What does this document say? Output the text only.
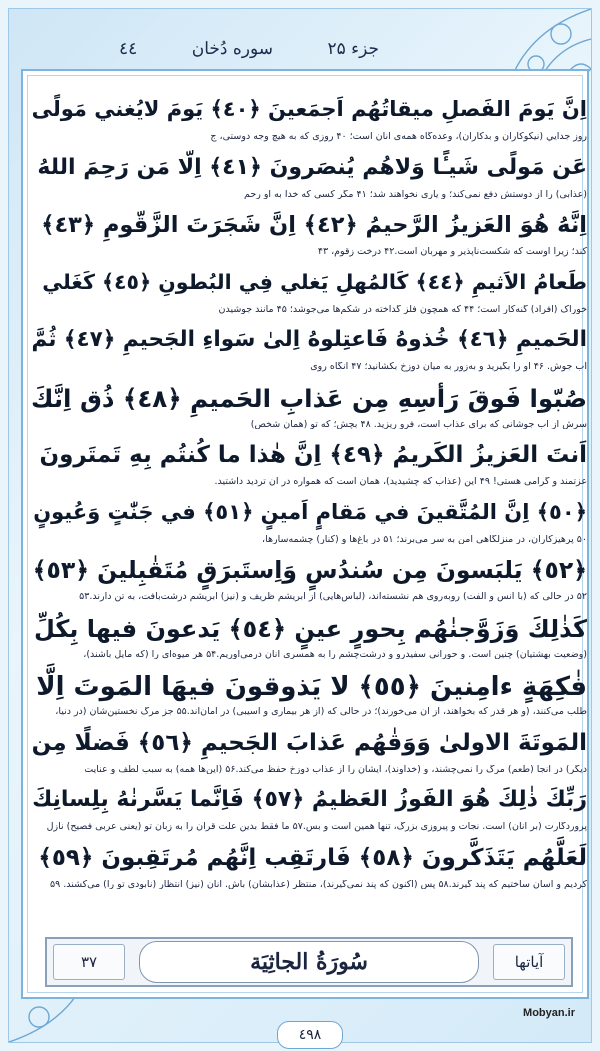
جزء ۲۵
سوره دُخان
٤٤
اِنَّ يَومَ الفَصلِ ميقاتُهُم اَجمَعينَ ﴿٤٠﴾ يَومَ لايُغني مَولًى
روز جدايي (نيكوكاران و بدكاران)، وعده‌گاه همه‌ی آنان است؛ ۴۰ روزی كه به هيچ وجه دوستی، ج
عَن مَولًى شَيـًٔا وَلاهُم يُنصَرونَ ﴿٤١﴾ اِلّا مَن رَحِمَ اللهُ
(عذابی) را از دوستش دفع نمی‌كند؛ و ياری نخواهند شد؛ ۴۱ مگر كسی كه خدا به او رحم
اِنَّهُ هُوَ العَزيزُ الرَّحيمُ ﴿٤٢﴾ اِنَّ شَجَرَتَ الزَّقّومِ ﴿٤٣﴾
كند؛ زيرا اوست كه شكست‌ناپذير و مهربان است.۴۲ درخت زقوم، ۴۳
طَعامُ الاَثيمِ ﴿٤٤﴾ كَالمُهلِ يَغلي فِي البُطونِ ﴿٤٥﴾ كَغَلي
خوراک (افراد) گنه‌كار است؛ ۴۴ كه همچون فلز گداخته در شكم‌ها می‌جوشد؛ ۴۵ مانند جوشيدن
الحَميمِ ﴿٤٦﴾ خُذوهُ فَاعتِلوهُ اِلىٰ سَواءِ الجَحيمِ ﴿٤٧﴾ ثُمَّ
آب جوش. ۴۶ او را بگيريد و به‌زور به ميان دوزخ بكشانيد؛ ۴۷ آنگاه روی
صُبّوا فَوقَ رَأسِهِ مِن عَذابِ الحَميمِ ﴿٤٨﴾ ذُق اِنَّكَ
سرش از آب جوشانی كه برای عذاب است، فرو ريزيد. ۴۸ بچش؛ كه تو (همان شخص)
اَنتَ العَزيزُ الكَريمُ ﴿٤٩﴾ اِنَّ هٰذا ما كُنتُم بِهِ تَمتَرونَ
عزتمند و گرامی هستی! ۴۹ اين (عذاب كه چشيديد)، همان است كه همواره در آن ترديد داشتيد.
﴿٥٠﴾ اِنَّ المُتَّقينَ في مَقامٍ اَمينٍ ﴿٥١﴾ في جَنّٰتٍ وَعُيونٍ
۵۰ پرهيزكاران، در منزلگاهی امن به سر می‌برند؛ ۵۱ در باغ‌ها و (كنار) چشمه‌سارها،
﴿٥٢﴾ يَلبَسونَ مِن سُندُسٍ وَاِستَبرَقٍ مُتَقٰبِلينَ ﴿٥٣﴾
۵۲ در حالی كه (با انس و الفت) روبه‌روی هم نشسته‌اند، (لباس‌هايی) از ابريشم ظريف و (نيز) ابريشم درشت‌بافت، به تن دارند.۵۳
كَذٰلِكَ وَزَوَّجنٰهُم بِحورٍ عينٍ ﴿٥٤﴾ يَدعونَ فيها بِكُلِّ
(وضعيت بهشتيان) چنين است. و حورانی سفيدرو و درشت‌چشم را به همسری آنان درمی‌آوريم.۵۴ هر ميوه‌ای را (كه مايل باشند)،
فٰكِهَةٍ ءامِنينَ ﴿٥٥﴾ لا يَذوقونَ فيهَا المَوتَ اِلَّا
طلب می‌كنند، (و هر قدر كه بخواهند، از آن می‌خورند)؛ در حالی كه (از هر بيماری و آسيبی) در امان‌اند.۵۵ جز مرگ نخستين‌شان (در دنيا،
المَوتَةَ الاولىٰ وَوَقٰهُم عَذابَ الجَحيمِ ﴿٥٦﴾ فَضلًا مِن
ديگر) در آنجا (طعم) مرگ را نمی‌چشند، و (خداوند)، ايشان را از عذاب دوزخ حفظ می‌كند.۵۶ (اين‌ها همه) به سبب لطف و عنايت
رَبِّكَ ذٰلِكَ هُوَ الفَوزُ العَظيمُ ﴿٥٧﴾ فَاِنَّما يَسَّرنٰهُ بِلِسانِكَ
پروردگارت (بر آنان) است. نجات و پيروزی بزرگ، تنها همين است و بس.۵۷ ما فقط بدين علت قرآن را به زبان تو (يعنی عربی فصيح) نازل
لَعَلَّهُم يَتَذَكَّرونَ ﴿٥٨﴾ فَارتَقِب اِنَّهُم مُرتَقِبونَ ﴿٥٩﴾
كرديم و آسان ساختيم كه پند گيرند.۵۸ پس (اكنون كه پند نمی‌گيرند)، منتظر (عذابشان) باش. آنان (نيز) انتظار (نابودی تو را) می‌كشند. ۵۹
آياتها
سُورَةُ الجاثِيَة
٣٧
Mobyan.ir
٤٩٨
